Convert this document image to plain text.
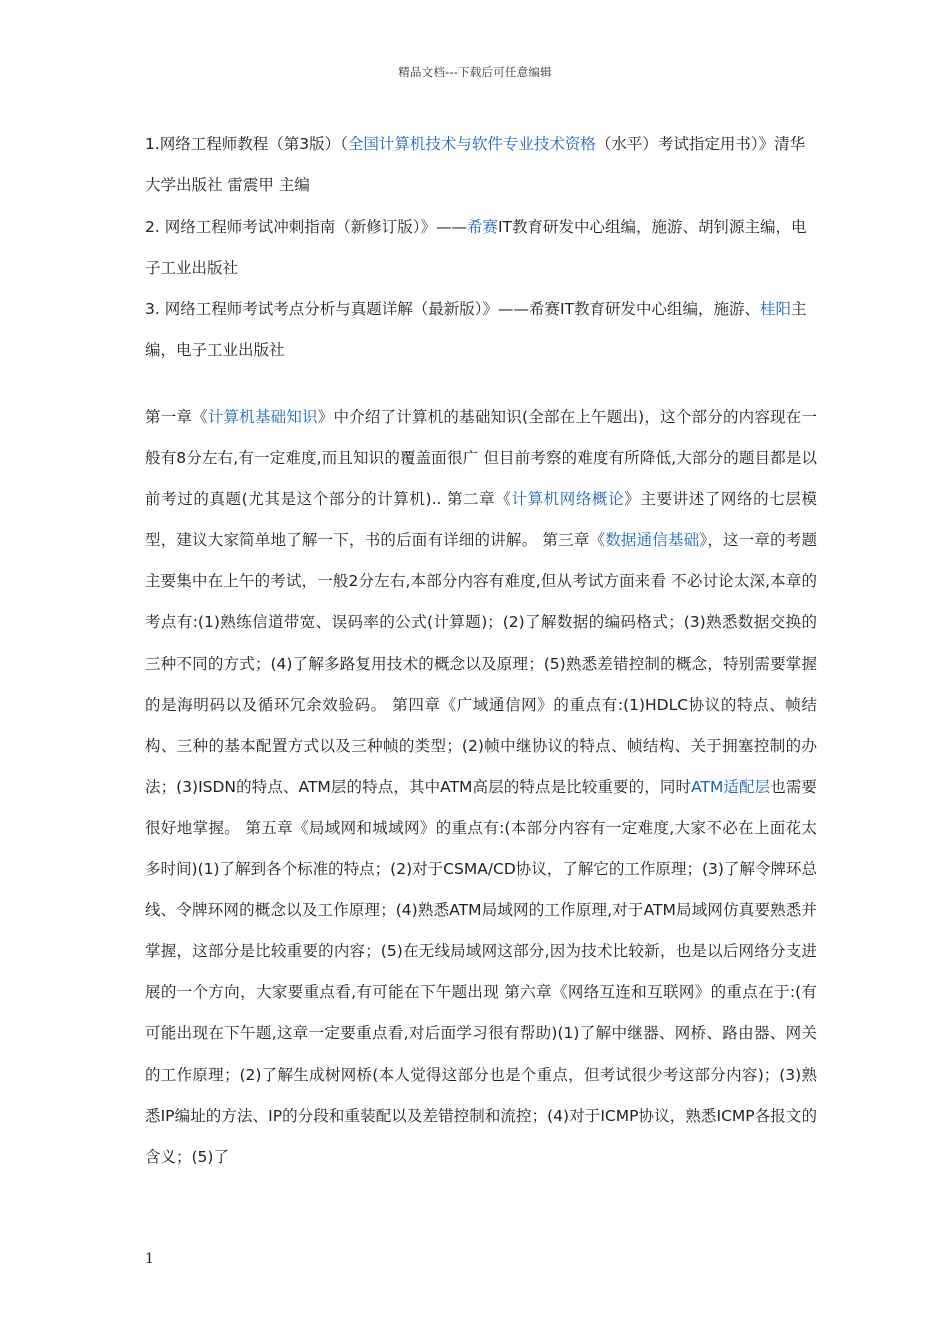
精品文档---下载后可任意编辑

1.网络工程师教程（第3版）（全国计算机技术与软件专业技术资格（水平）考试指定用书）》清华大学出版社 雷震甲 主编

2. 网络工程师考试冲刺指南（新修订版）》——希赛IT教育研发中心组编，施游、胡钊源主编，电子工业出版社

3. 网络工程师考试考点分析与真题详解（最新版）》——希赛IT教育研发中心组编，施游、桂阳主编，电子工业出版社

第一章《计算机基础知识》中介绍了计算机的基础知识(全部在上午题出)，这个部分的内容现在一般有8分左右,有一定难度,而且知识的覆盖面很广 但目前考察的难度有所降低,大部分的题目都是以前考过的真题(尤其是这个部分的计算机).. 第二章《计算机网络概论》主要讲述了网络的七层模型，建议大家简单地了解一下，书的后面有详细的讲解。 第三章《数据通信基础》，这一章的考题主要集中在上午的考试，一般2分左右,本部分内容有难度,但从考试方面来看 不必讨论太深,本章的考点有:(1)熟练信道带宽、误码率的公式(计算题)；(2)了解数据的编码格式；(3)熟悉数据交换的三种不同的方式；(4)了解多路复用技术的概念以及原理；(5)熟悉差错控制的概念，特别需要掌握的是海明码以及循环冗余效验码。 第四章《广域通信网》的重点有:(1)HDLC协议的特点、帧结构、三种的基本配置方式以及三种帧的类型；(2)帧中继协议的特点、帧结构、关于拥塞控制的办法；(3)ISDN的特点、ATM层的特点，其中ATM高层的特点是比较重要的，同时ATM适配层也需要很好地掌握。 第五章《局域网和城域网》的重点有:(本部分内容有一定难度,大家不必在上面花太多时间)(1)了解到各个标准的特点；(2)对于CSMA/CD协议，了解它的工作原理；(3)了解令牌环总线、令牌环网的概念以及工作原理；(4)熟悉ATM局域网的工作原理,对于ATM局域网仿真要熟悉并掌握，这部分是比较重要的内容；(5)在无线局域网这部分,因为技术比较新，也是以后网络分支进展的一个方向，大家要重点看,有可能在下午题出现 第六章《网络互连和互联网》的重点在于:(有可能出现在下午题,这章一定要重点看,对后面学习很有帮助)(1)了解中继器、网桥、路由器、网关的工作原理；(2)了解生成树网桥(本人觉得这部分也是个重点，但考试很少考这部分内容)；(3)熟悉IP编址的方法、IP的分段和重装配以及差错控制和流控；(4)对于ICMP协议，熟悉ICMP各报文的含义；(5)了
1
